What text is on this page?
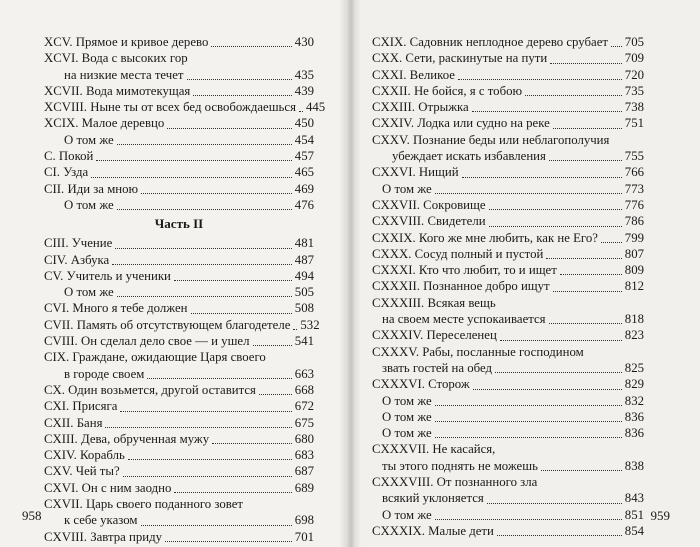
XCV. Прямое и кривое дерево	430
XCVI. Вода с высоких гор
на низкие места течет	435
XCVII. Вода мимотекущая	439
XCVIII. Ныне ты от всех бед освобождаешься 445
XCIX. Малое деревцо	450
О том же	454
C. Покой	457
CI. Узда	465
CII. Иди за мною	469
О том же	476
Часть II
CIII. Учение	481
CIV. Азбука	487
CV. Учитель и ученики	494
О том же	505
CVI. Много я тебе должен	508
CVII. Память об отсутствующем благодетеле 532
CVIII. Он сделал дело свое — и ушел	541
CIX. Граждане, ожидающие Царя своего
в городе своем	663
CX. Один возьмется, другой оставится	668
CXI. Присяга	672
CXII. Баня	675
CXIII. Дева, обрученная мужу	680
CXIV. Корабль	683
CXV. Чей ты?	687
CXVI. Он с ним заодно	689
CXVII. Царь своего поданного зовет
к себе указом	698
CXVIII. Завтра приду	701
958
CXIX. Садовник неплодное дерево срубает 705
CXX. Сети, раскинутые на пути	709
CXXI. Великое	720
CXXII. Не бойся, я с тобою	735
CXXIII. Отрыжка	738
CXXIV. Лодка или судно на реке	751
CXXV. Познание беды или неблагополучия
убеждает искать избавления	755
CXXVI. Нищий	766
О том же	773
CXXVII. Сокровище	776
CXXVIII. Свидетели	786
CXXIX. Кого же мне любить, как не Его? 799
CXXX. Сосуд полный и пустой	807
CXXXI. Кто что любит, то и ищет	809
CXXXII. Познанное добро ищут	812
CXXXIII. Всякая вещь
на своем месте успокаивается	818
CXXXIV. Переселенец	823
CXXXV. Рабы, посланные господином
звать гостей на обед	825
CXXXVI. Сторож	829
О том же	832
О том же	836
О том же	836
CXXXVII. Не касайся,
ты этого поднять не можешь	838
CXXXVIII. От познанного зла
всякий уклоняется	843
О том же	851
CXXXIX. Малые дети	854
959
